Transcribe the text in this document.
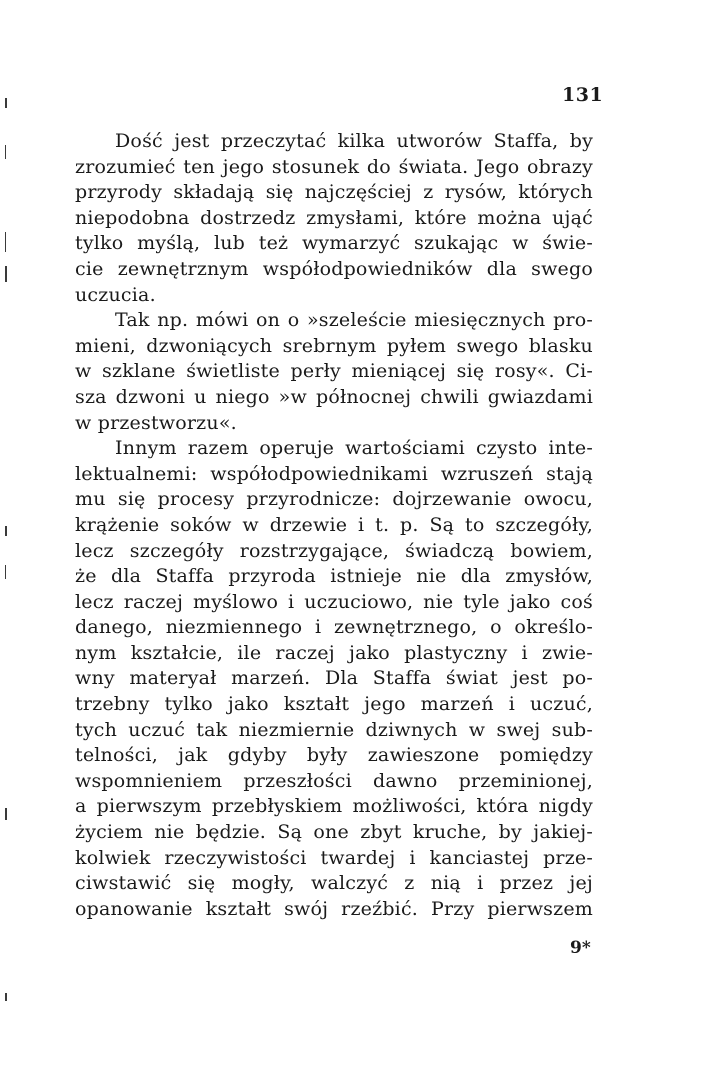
131
Dość jest przeczytać kilka utworów Staffa, by
zrozumieć ten jego stosunek do świata. Jego obrazy
przyrody składają się najczęściej z rysów, których
niepodobna dostrzedz zmysłami, które można ująć
tylko myślą, lub też wymarzyć szukając w świe-
cie zewnętrznym współodpowiedników dla swego
uczucia.
Tak np. mówi on o »szeleście miesięcznych pro-
mieni, dzwoniących srebrnym pyłem swego blasku
w szklane świetliste perły mieniącej się rosy«. Ci-
sza dzwoni u niego »w północnej chwili gwiazdami
w przestworzu«.
Innym razem operuje wartościami czysto inte-
lektualnemi: współodpowiednikami wzruszeń stają
mu się procesy przyrodnicze: dojrzewanie owocu,
krążenie soków w drzewie i t. p. Są to szczegóły,
lecz szczegóły rozstrzygające, świadczą bowiem,
że dla Staffa przyroda istnieje nie dla zmysłów,
lecz raczej myślowo i uczuciowo, nie tyle jako coś
danego, niezmiennego i zewnętrznego, o określo-
nym kształcie, ile raczej jako plastyczny i zwie-
wny materyał marzeń. Dla Staffa świat jest po-
trzebny tylko jako kształt jego marzeń i uczuć,
tych uczuć tak niezmiernie dziwnych w swej sub-
telności, jak gdyby były zawieszone pomiędzy
wspomnieniem przeszłości dawno przeminionej,
a pierwszym przebłyskiem możliwości, która nigdy
życiem nie będzie. Są one zbyt kruche, by jakiej-
kolwiek rzeczywistości twardej i kanciastej prze-
ciwstawić się mogły, walczyć z nią i przez jej
opanowanie kształt swój rzeźbić. Przy pierwszem
9*
